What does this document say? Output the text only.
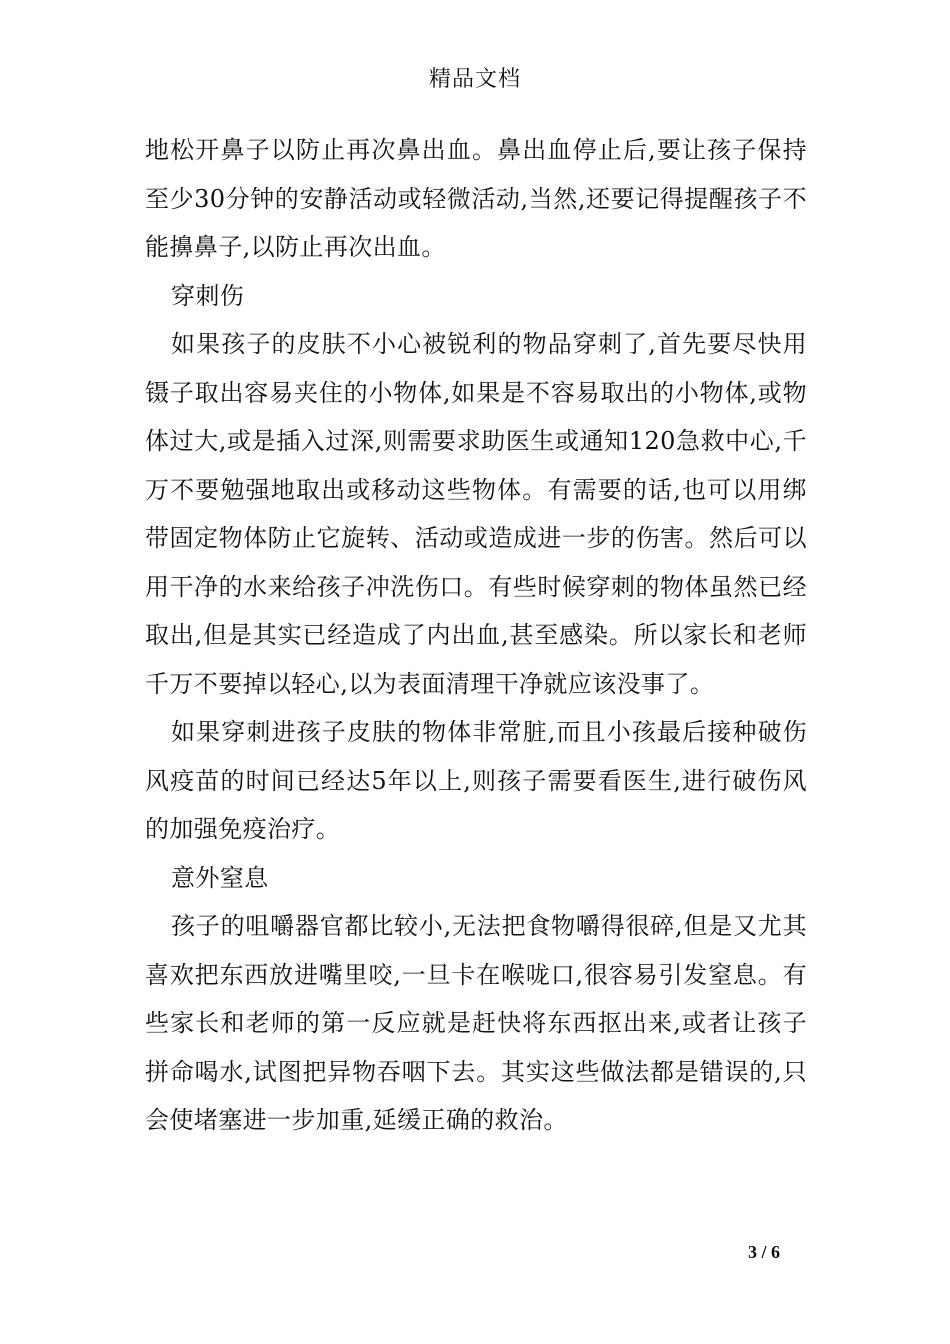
精品文档

地松开鼻子以防止再次鼻出血。鼻出血停止后,要让孩子保持至少30分钟的安静活动或轻微活动,当然,还要记得提醒孩子不能擤鼻子,以防止再次出血。

穿刺伤

如果孩子的皮肤不小心被锐利的物品穿刺了,首先要尽快用镊子取出容易夹住的小物体,如果是不容易取出的小物体,或物体过大,或是插入过深,则需要求助医生或通知120急救中心,千万不要勉强地取出或移动这些物体。有需要的话,也可以用绑带固定物体防止它旋转、活动或造成进一步的伤害。然后可以用干净的水来给孩子冲洗伤口。有些时候穿刺的物体虽然已经取出,但是其实已经造成了内出血,甚至感染。所以家长和老师千万不要掉以轻心,以为表面清理干净就应该没事了。

如果穿刺进孩子皮肤的物体非常脏,而且小孩最后接种破伤风疫苗的时间已经达5年以上,则孩子需要看医生,进行破伤风的加强免疫治疗。

意外窒息

孩子的咀嚼器官都比较小,无法把食物嚼得很碎,但是又尤其喜欢把东西放进嘴里咬,一旦卡在喉咙口,很容易引发窒息。有些家长和老师的第一反应就是赶快将东西抠出来,或者让孩子拼命喝水,试图把异物吞咽下去。其实这些做法都是错误的,只会使堵塞进一步加重,延缓正确的救治。

3 / 6
